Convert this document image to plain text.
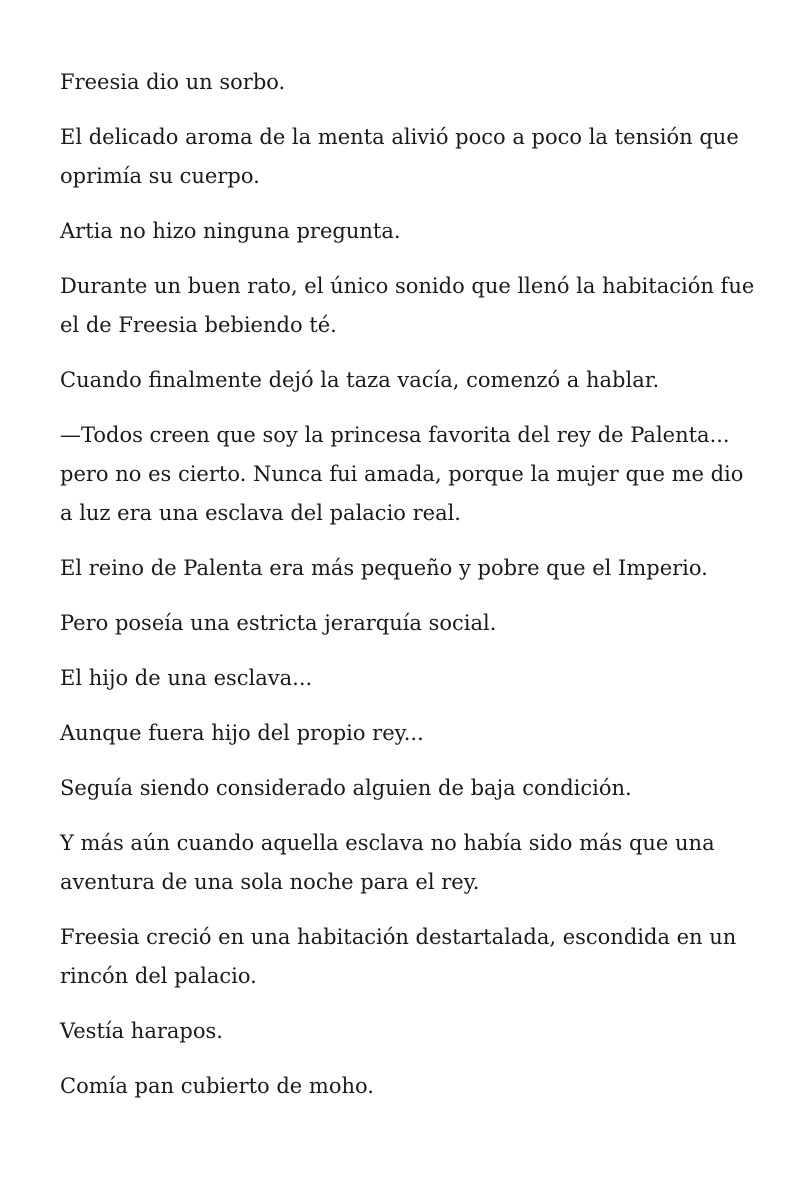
Freesia dio un sorbo.

El delicado aroma de la menta alivió poco a poco la tensión que oprimía su cuerpo.

Artia no hizo ninguna pregunta.

Durante un buen rato, el único sonido que llenó la habitación fue el de Freesia bebiendo té.

Cuando finalmente dejó la taza vacía, comenzó a hablar.

—Todos creen que soy la princesa favorita del rey de Palenta... pero no es cierto. Nunca fui amada, porque la mujer que me dio a luz era una esclava del palacio real.

El reino de Palenta era más pequeño y pobre que el Imperio.

Pero poseía una estricta jerarquía social.

El hijo de una esclava...

Aunque fuera hijo del propio rey...

Seguía siendo considerado alguien de baja condición.

Y más aún cuando aquella esclava no había sido más que una aventura de una sola noche para el rey.

Freesia creció en una habitación destartalada, escondida en un rincón del palacio.

Vestía harapos.

Comía pan cubierto de moho.
